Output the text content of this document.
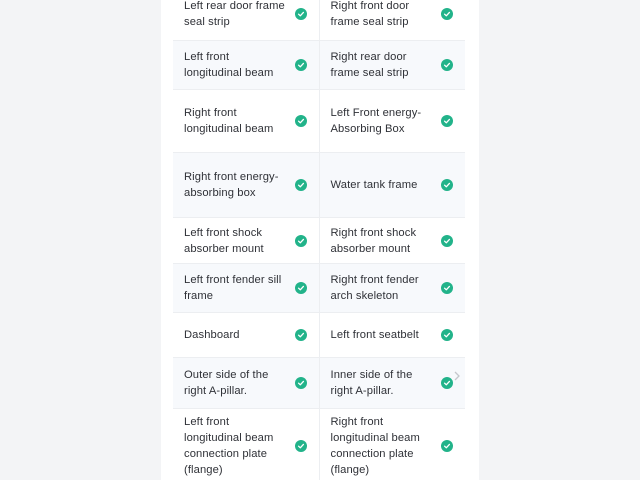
Left rear door frame seal strip
Right front door frame seal strip
Left front longitudinal beam
Right rear door frame seal strip
Right front longitudinal beam
Left Front energy-Absorbing Box
Right front energy-absorbing box
Water tank frame
Left front shock absorber mount
Right front shock absorber mount
Left front fender sill frame
Right front fender arch skeleton
Dashboard	Left front seatbelt
Outer side of the right A-pillar.
Inner side of the right A-pillar.
Left front longitudinal beam connection plate (flange)
Right front longitudinal beam connection plate (flange)
